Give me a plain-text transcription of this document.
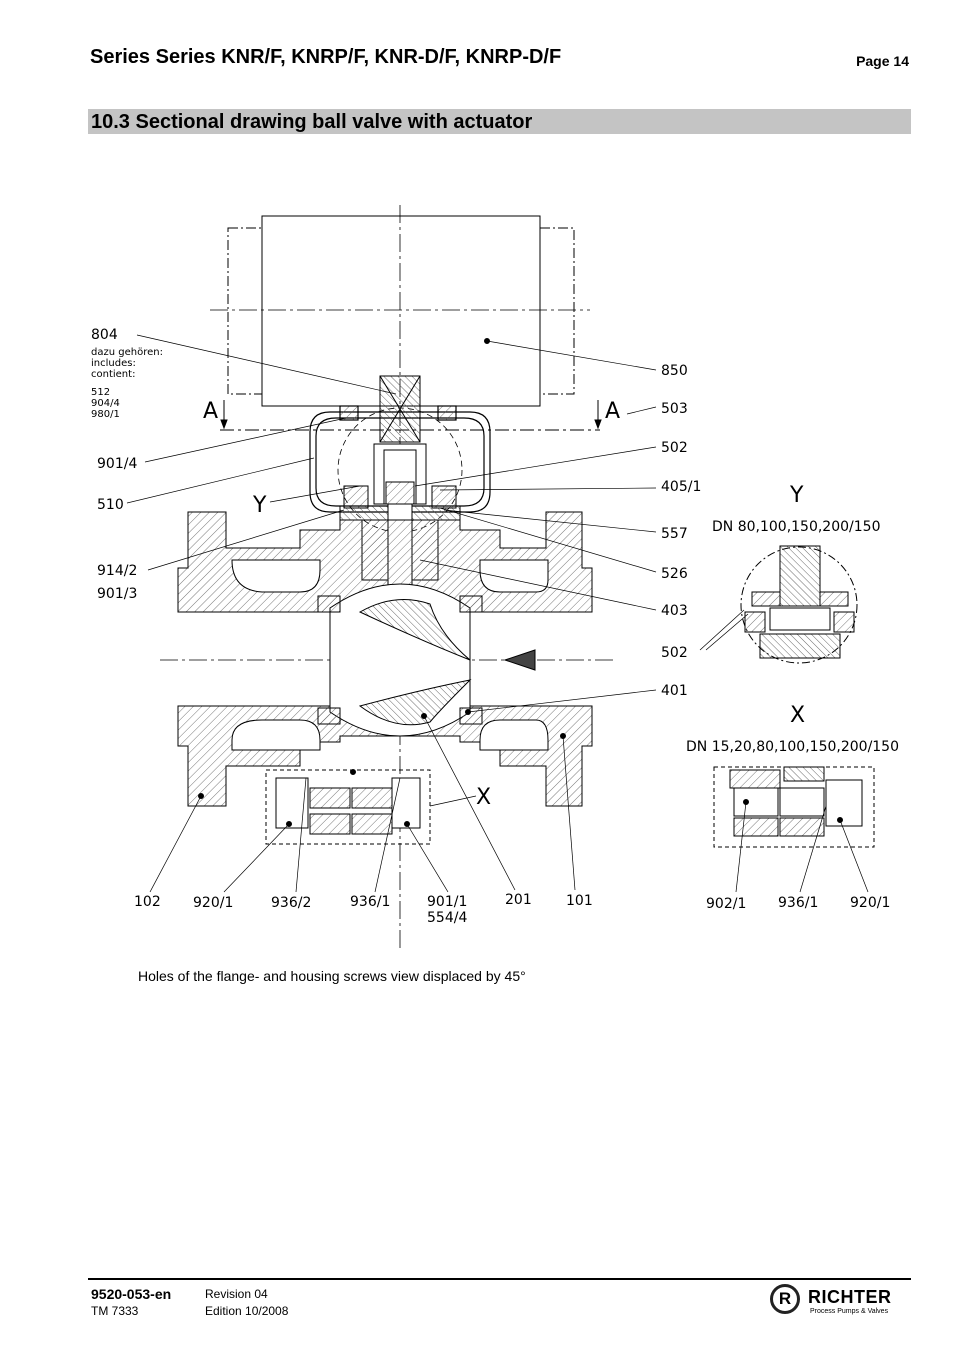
Series Series KNR/F, KNRP/F, KNR-D/F, KNRP-D/F	Page 14
10.3 Sectional drawing ball valve with actuator
804
dazu gehören:
includes:
contient:
512
904/4
980/1	A	A
Y
X
901/4
510
914/2
901/3
850
503
502
405/1
557
526
403
502
401
102 920/1	936/2	936/1	901/1
554/4
201 101
Y
DN 80,100,150,200/150
X
DN 15,20,80,100,150,200/150
902/1 936/1 920/1
Holes of the flange- and housing screws view displaced by 45°
9520-053-en
TM 7333
Revision 04
Edition 10/2008
R RICHTER
Process Pumps & Valves
